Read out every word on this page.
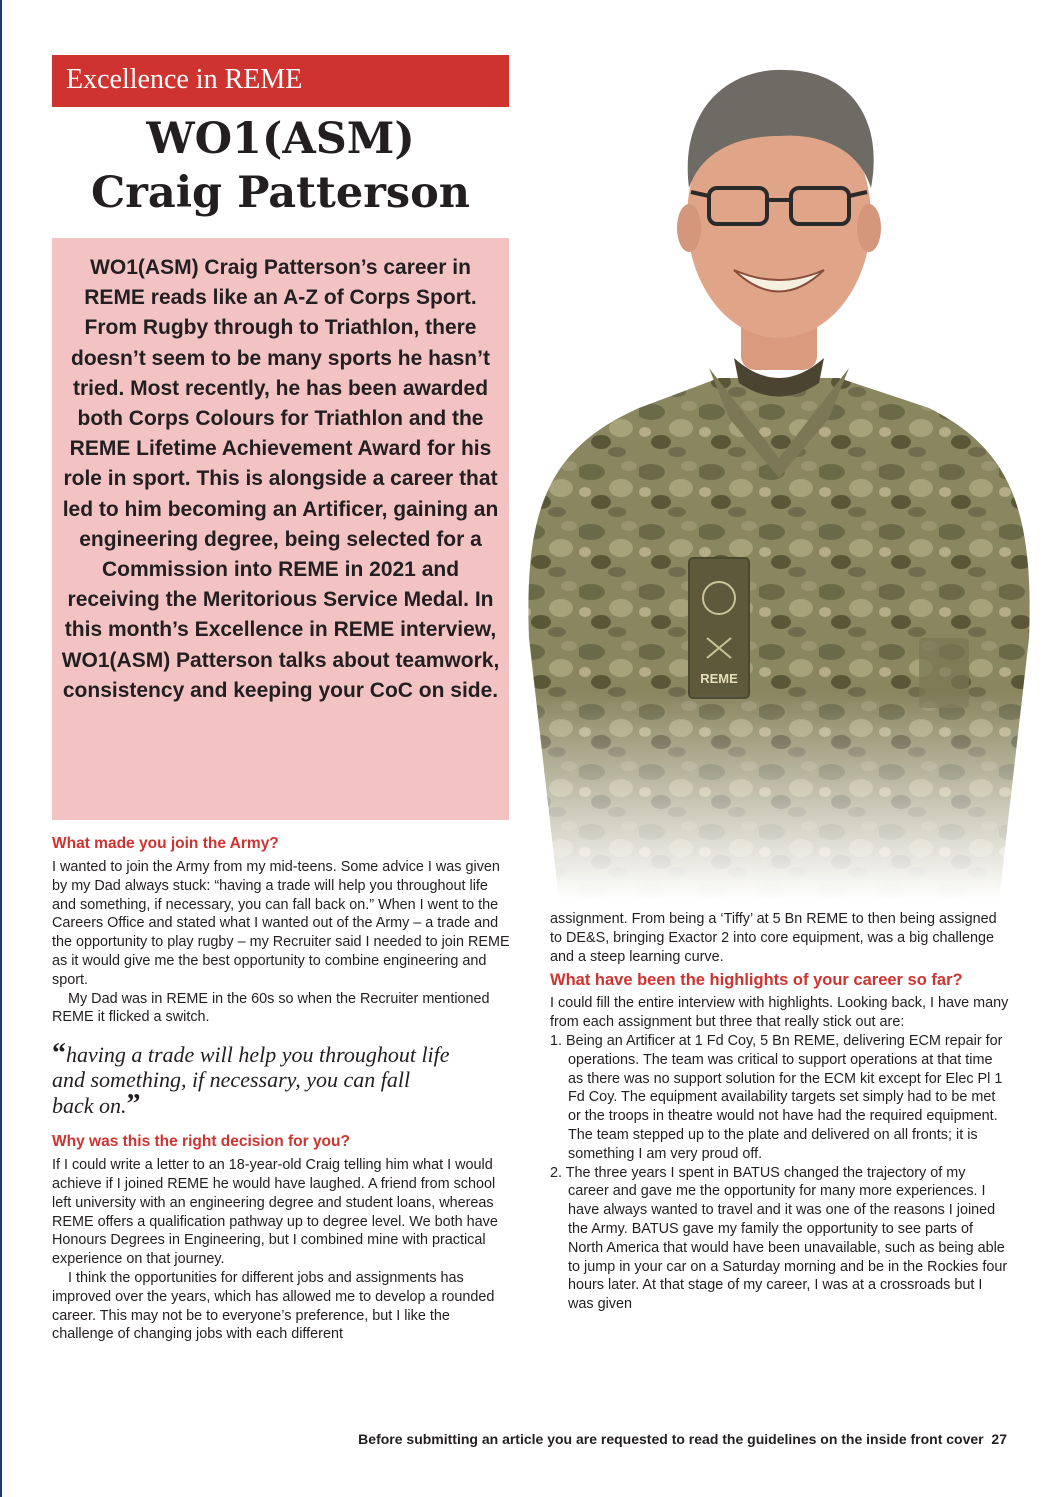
Excellence in REME
WO1(ASM)
Craig Patterson
WO1(ASM) Craig Patterson’s career in REME reads like an A-Z of Corps Sport. From Rugby through to Triathlon, there doesn’t seem to be many sports he hasn’t tried. Most recently, he has been awarded both Corps Colours for Triathlon and the REME Lifetime Achievement Award for his role in sport. This is alongside a career that led to him becoming an Artificer, gaining an engineering degree, being selected for a Commission into REME in 2021 and receiving the Meritorious Service Medal. In this month’s Excellence in REME interview, WO1(ASM) Patterson talks about teamwork, consistency and keeping your CoC on side.
What made you join the Army?

I wanted to join the Army from my mid-teens. Some advice I was given by my Dad always stuck: “having a trade will help you throughout life and something, if necessary, you can fall back on.” When I went to the Careers Office and stated what I wanted out of the Army – a trade and the opportunity to play rugby – my Recruiter said I needed to join REME as it would give me the best opportunity to combine engineering and sport.

My Dad was in REME in the 60s so when the Recruiter mentioned REME it flicked a switch.

“having a trade will help you throughout life and something, if necessary, you can fall back on.”
Why was this the right decision for you?

If I could write a letter to an 18-year-old Craig telling him what I would achieve if I joined REME he would have laughed. A friend from school left university with an engineering degree and student loans, whereas REME offers a qualification pathway up to degree level. We both have Honours Degrees in Engineering, but I combined mine with practical experience on that journey.

I think the opportunities for different jobs and assignments has improved over the years, which has allowed me to develop a rounded career. This may not be to everyone’s preference, but I like the challenge of changing jobs with each different

assignment. From being a ‘Tiffy’ at 5 Bn REME to then being assigned to DE&S, bringing Exactor 2 into core equipment, was a big challenge and a steep learning curve.

What have been the highlights of your career so far?

I could fill the entire interview with highlights. Looking back, I have many from each assignment but three that really stick out are:

1. Being an Artificer at 1 Fd Coy, 5 Bn REME, delivering ECM repair for operations. The team was critical to support operations at that time as there was no support solution for the ECM kit except for Elec Pl 1 Fd Coy. The equipment availability targets set simply had to be met or the troops in theatre would not have had the required equipment. The team stepped up to the plate and delivered on all fronts; it is something I am very proud off.
2. The three years I spent in BATUS changed the trajectory of my career and gave me the opportunity for many more experiences. I have always wanted to travel and it was one of the reasons I joined the Army. BATUS gave my family the opportunity to see parts of North America that would have been unavailable, such as being able to jump in your car on a Saturday morning and be in the Rockies four hours later. At that stage of my career, I was at a crossroads but I was given
Before submitting an article you are requested to read the guidelines on the inside front cover 27
